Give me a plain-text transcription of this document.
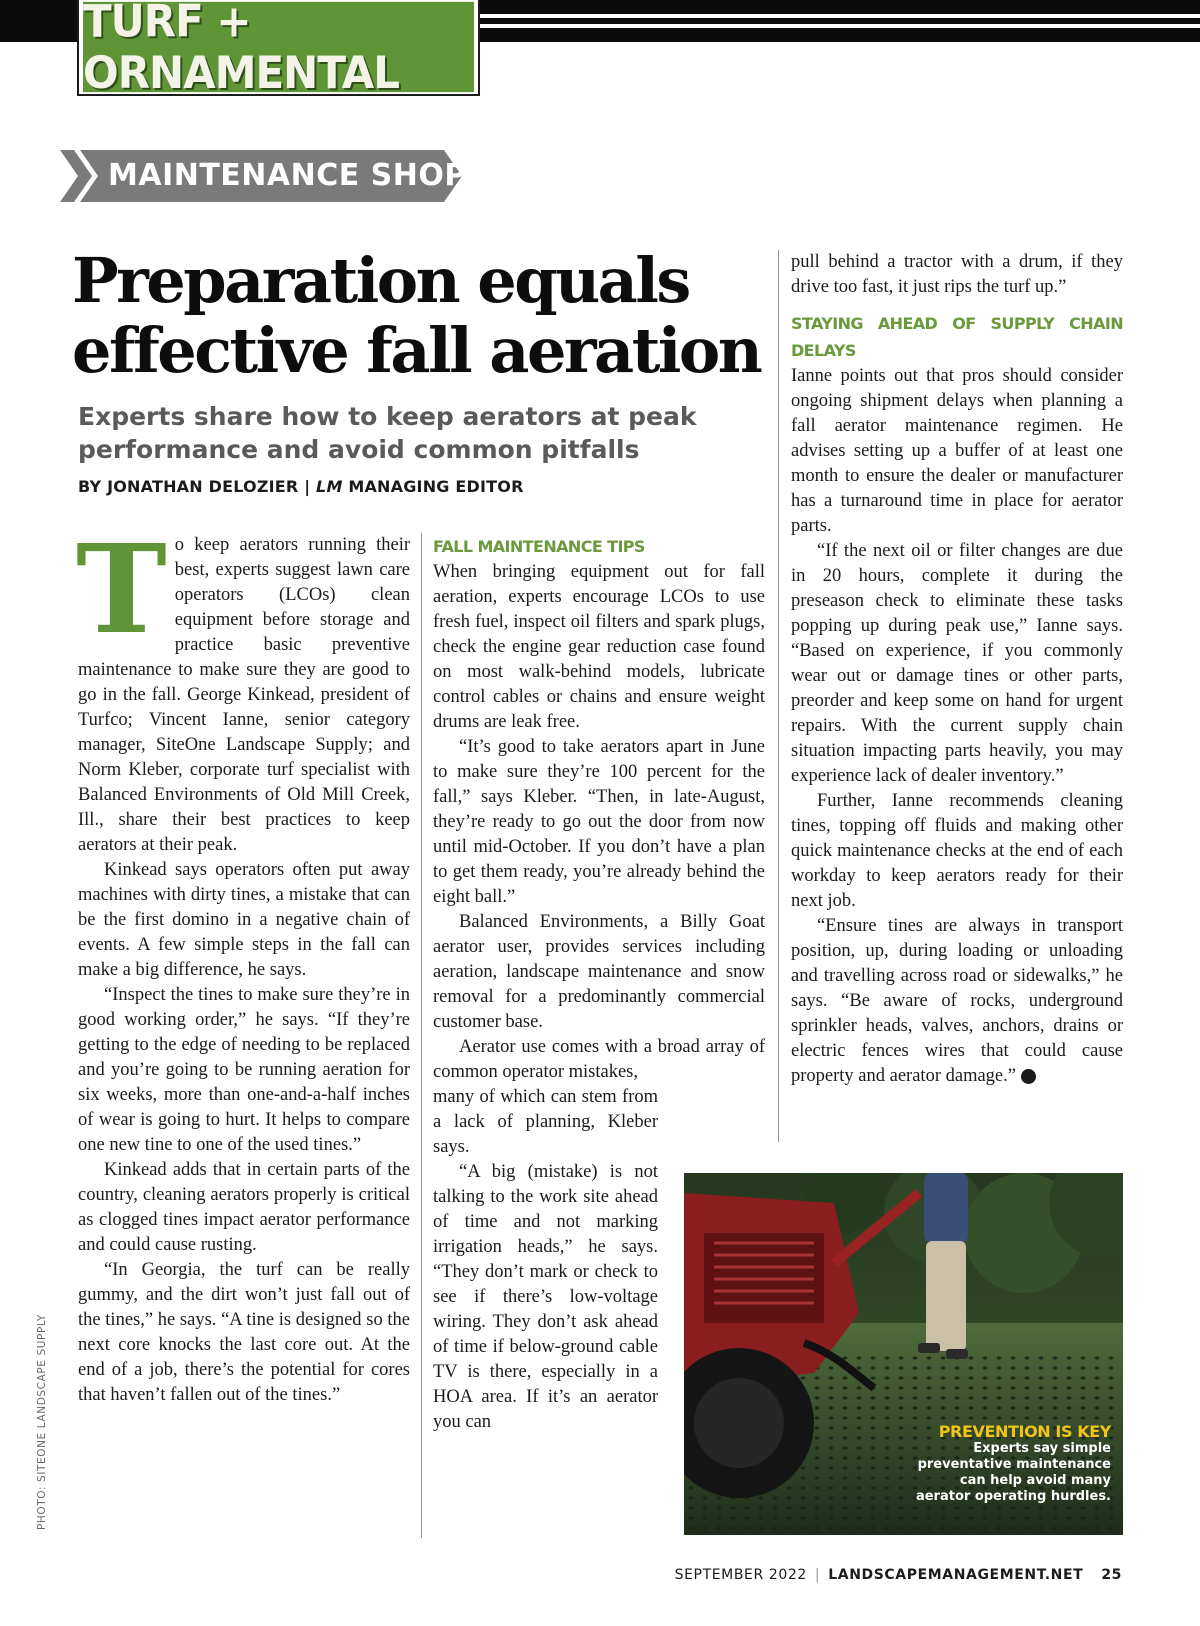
TURF + ORNAMENTAL
MAINTENANCE SHOP
Preparation equals
effective fall aeration
Experts share how to keep aerators at peak
performance and avoid common pitfalls
BY JONATHAN DELOZIER | LM MANAGING EDITOR

To keep aerators running their best, experts suggest lawn care operators (LCOs) clean equipment before storage and practice basic preventive maintenance to make sure they are good to go in the fall. George Kinkead, president of Turfco; Vincent Ianne, senior category manager, SiteOne Landscape Supply; and Norm Kleber, corporate turf specialist with Balanced Environments of Old Mill Creek, Ill., share their best practices to keep aerators at their peak.

Kinkead says operators often put away machines with dirty tines, a mistake that can be the first domino in a negative chain of events. A few simple steps in the fall can make a big difference, he says.

“Inspect the tines to make sure they’re in good working order,” he says. “If they’re getting to the edge of needing to be replaced and you’re going to be running aeration for six weeks, more than one-and-a-half inches of wear is going to hurt. It helps to compare one new tine to one of the used tines.”

Kinkead adds that in certain parts of the country, cleaning aerators properly is critical as clogged tines impact aerator performance and could cause rusting.

“In Georgia, the turf can be really gummy, and the dirt won’t just fall out of the tines,” he says. “A tine is designed so the next core knocks the last core out. At the end of a job, there’s the potential for cores that haven’t fallen out of the tines.”

FALL MAINTENANCE TIPS

When bringing equipment out for fall aeration, experts encourage LCOs to use fresh fuel, inspect oil filters and spark plugs, check the engine gear reduction case found on most walk-behind models, lubricate control cables or chains and ensure weight drums are leak free.

“It’s good to take aerators apart in June to make sure they’re 100 percent for the fall,” says Kleber. “Then, in late-August, they’re ready to go out the door from now until mid-October. If you don’t have a plan to get them ready, you’re already behind the eight ball.”

Balanced Environments, a Billy Goat aerator user, provides services including aeration, landscape maintenance and snow removal for a predominantly commercial customer base.

Aerator use comes with a broad array of common operator mistakes,

many of which can stem from a lack of planning, Kleber says.

“A big (mistake) is not talking to the work site ahead of time and not marking irrigation heads,” he says. “They don’t mark or check to see if there’s low-voltage wiring. They don’t ask ahead of time if below-ground cable TV is there, especially in a HOA area. If it’s an aerator you can

pull behind a tractor with a drum, if they drive too fast, it just rips the turf up.”

STAYING AHEAD OF SUPPLY CHAIN DELAYS

Ianne points out that pros should consider ongoing shipment delays when planning a fall aerator maintenance regimen. He advises setting up a buffer of at least one month to ensure the dealer or manufacturer has a turnaround time in place for aerator parts.

“If the next oil or filter changes are due in 20 hours, complete it during the preseason check to eliminate these tasks popping up during peak use,” Ianne says. “Based on experience, if you commonly wear out or damage tines or other parts, preorder and keep some on hand for urgent repairs. With the current supply chain situation impacting parts heavily, you may experience lack of dealer inventory.”

Further, Ianne recommends cleaning tines, topping off fluids and making other quick maintenance checks at the end of each workday to keep aerators ready for their next job.

“Ensure tines are always in transport position, up, during loading or unloading and travelling across road or sidewalks,” he says. “Be aware of rocks, underground sprinkler heads, valves, anchors, drains or electric fences wires that could cause property and aerator damage.”	LM

PREVENTION IS KEY
Experts say simple preventative maintenance can help avoid many aerator operating hurdles.
PHOTO: SITEONE LANDSCAPE SUPPLY
SEPTEMBER 2022 | LANDSCAPEMANAGEMENT.NET 25
